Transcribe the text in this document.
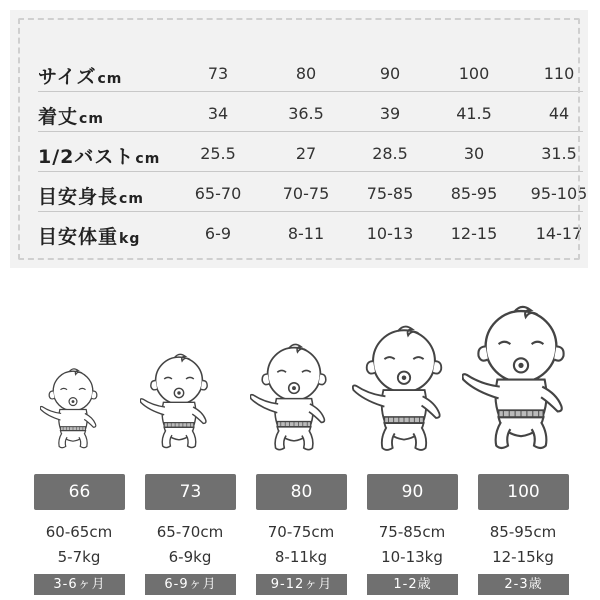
サイズcm	73	80	90	100	110
着丈cm	34	36.5	39	41.5	44
1/2バストcm	25.5	27	28.5	30	31.5
目安身長cm	65-70	70-75	75-85	85-95	95-105
目安体重kg	6-9	8-11	10-13	12-15	14-17
66	73	80	90	100
60-65cm	65-70cm	70-75cm	75-85cm	85-95cm
5-7kg	6-9kg	8-11kg	10-13kg	12-15kg
3-6ヶ月	6-9ヶ月	9-12ヶ月	1-2歳	2-3歳
